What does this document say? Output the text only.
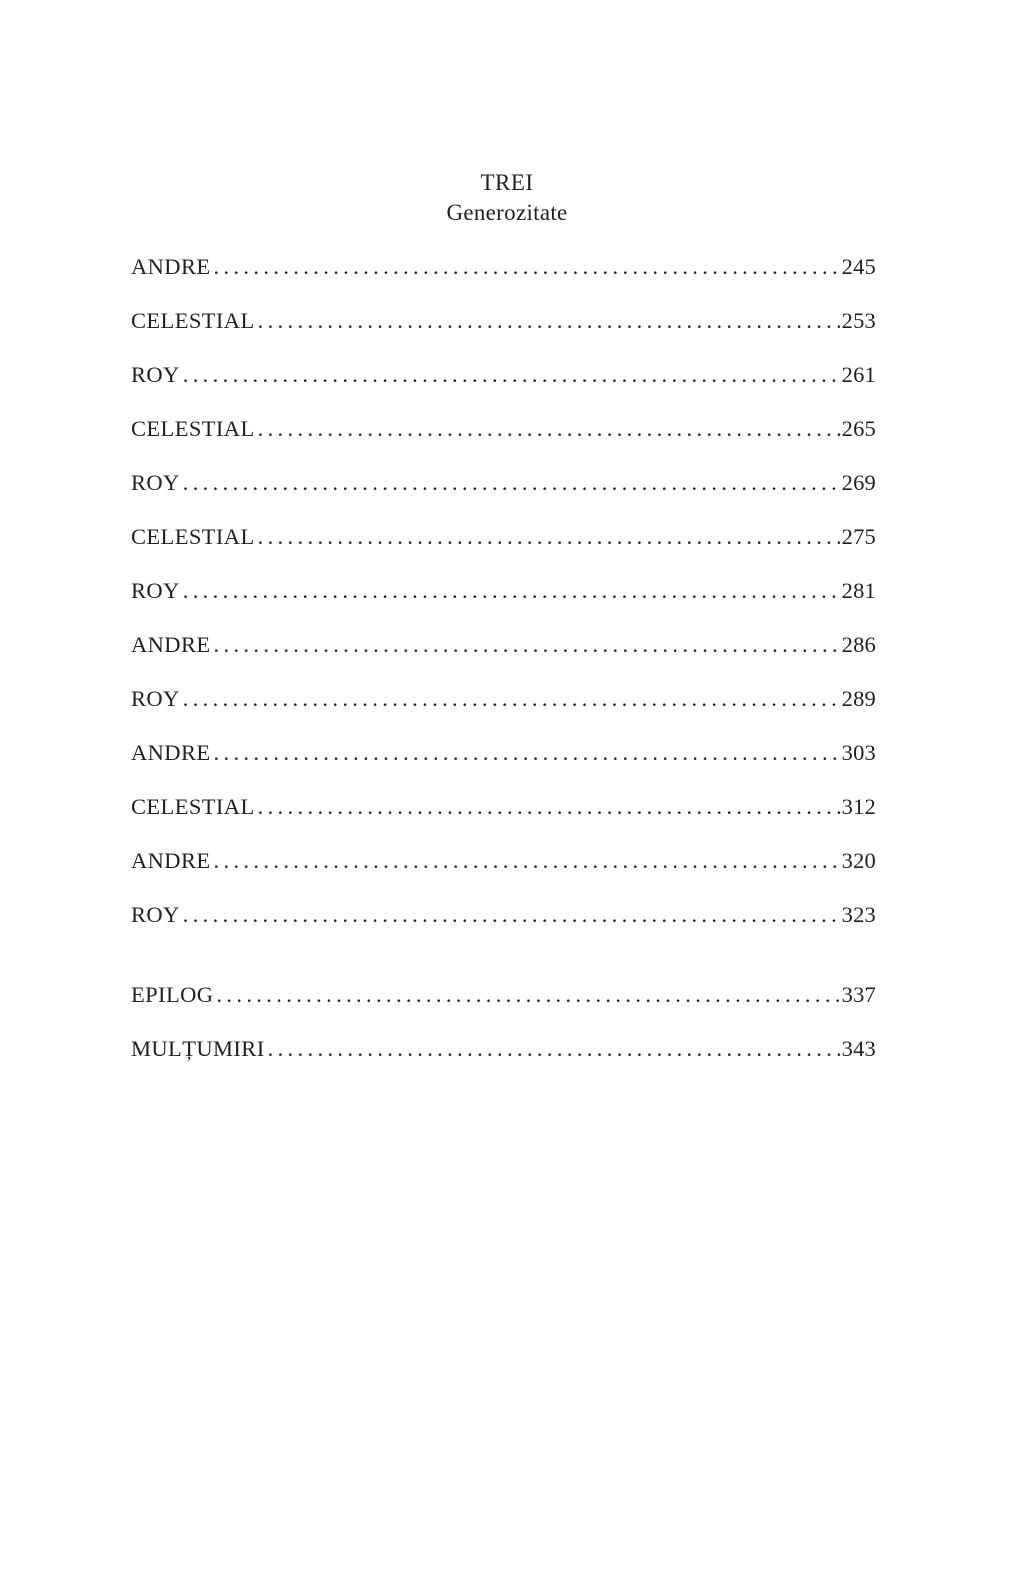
TREI
Generozitate
ANDRE .....	245
CELESTIAL .....	253
ROY .....	261
CELESTIAL .....	265
ROY .....	269
CELESTIAL .....	275
ROY .....	281
ANDRE .....	286
ROY .....	289
ANDRE .....	303
CELESTIAL .....	312
ANDRE .....	320
ROY .....	323
EPILOG .....	337
MULȚUMIRI .....	343
